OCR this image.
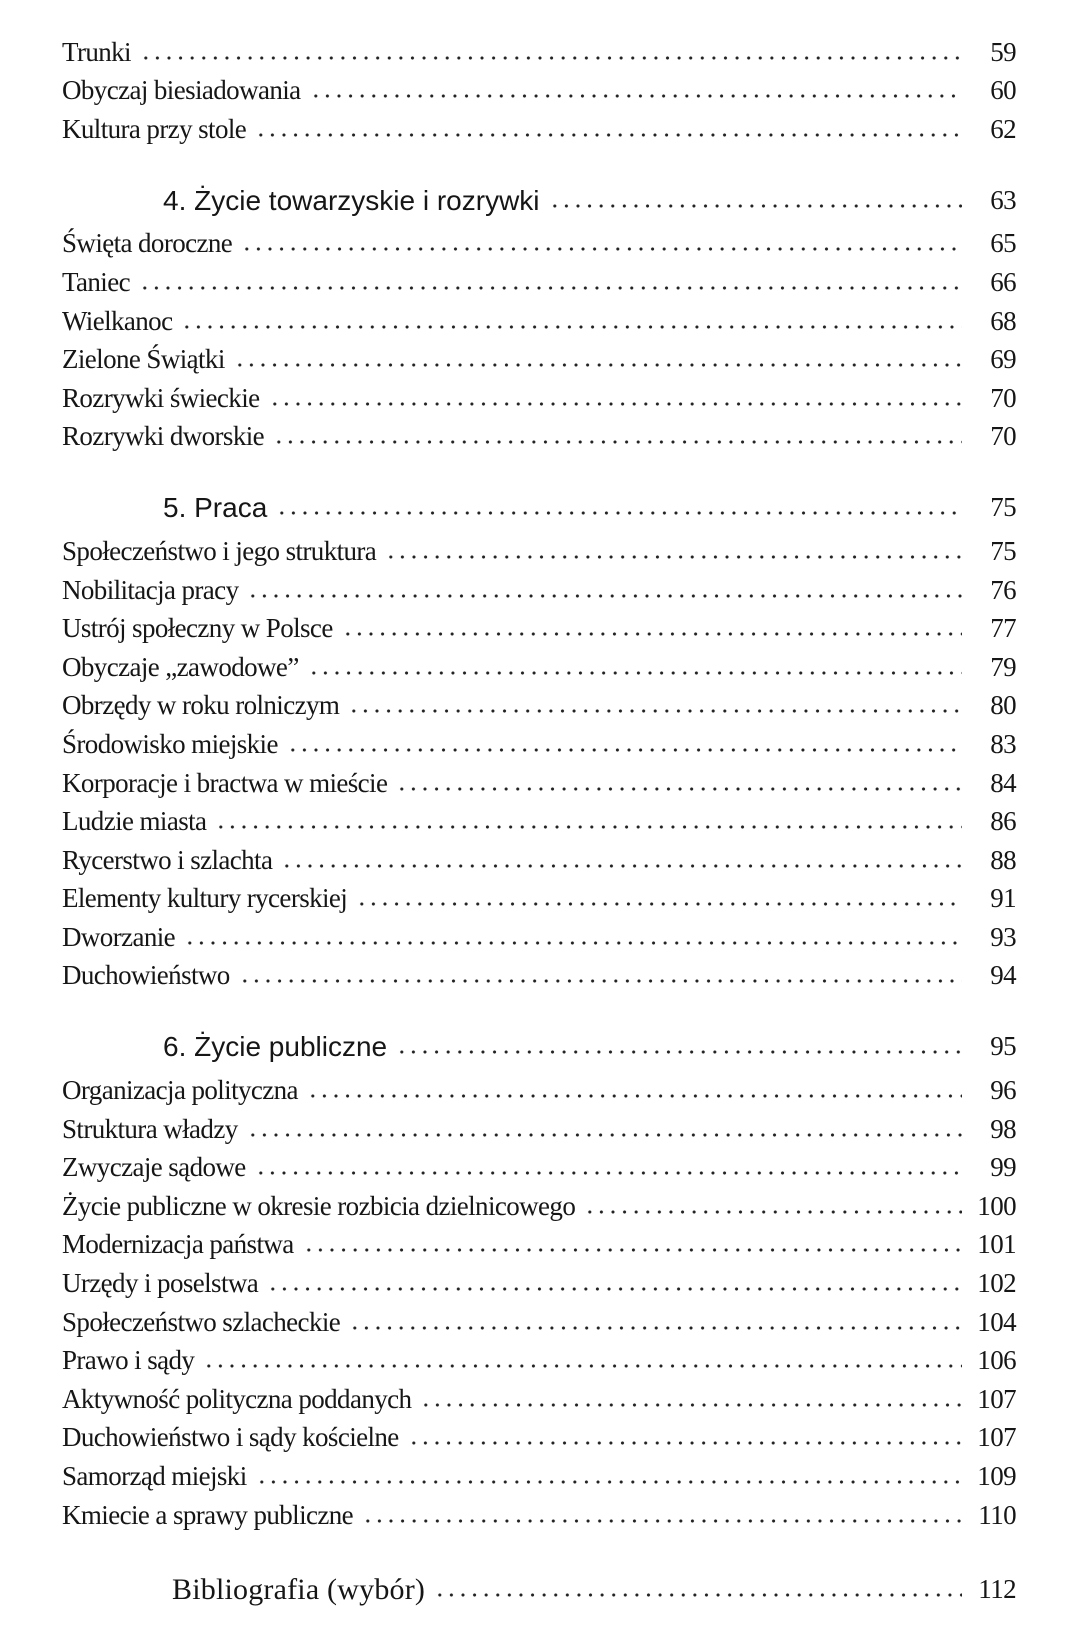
Trunki	59
Obyczaj biesiadowania	60
Kultura przy stole	62
4. Życie towarzyskie i rozrywki	63
Święta doroczne	65
Taniec	66
Wielkanoc	68
Zielone Świątki	69
Rozrywki świeckie	70
Rozrywki dworskie	70
5. Praca	75
Społeczeństwo i jego struktura	75
Nobilitacja pracy	76
Ustrój społeczny w Polsce	77
Obyczaje „zawodowe”	79
Obrzędy w roku rolniczym	80
Środowisko miejskie	83
Korporacje i bractwa w mieście	84
Ludzie miasta	86
Rycerstwo i szlachta	88
Elementy kultury rycerskiej	91
Dworzanie	93
Duchowieństwo	94
6. Życie publiczne	95
Organizacja polityczna	96
Struktura władzy	98
Zwyczaje sądowe	99
Życie publiczne w okresie rozbicia dzielnicowego	100
Modernizacja państwa	101
Urzędy i poselstwa	102
Społeczeństwo szlacheckie	104
Prawo i sądy	106
Aktywność polityczna poddanych	107
Duchowieństwo i sądy kościelne	107
Samorząd miejski	109
Kmiecie a sprawy publiczne	110
Bibliografia (wybór)	112
